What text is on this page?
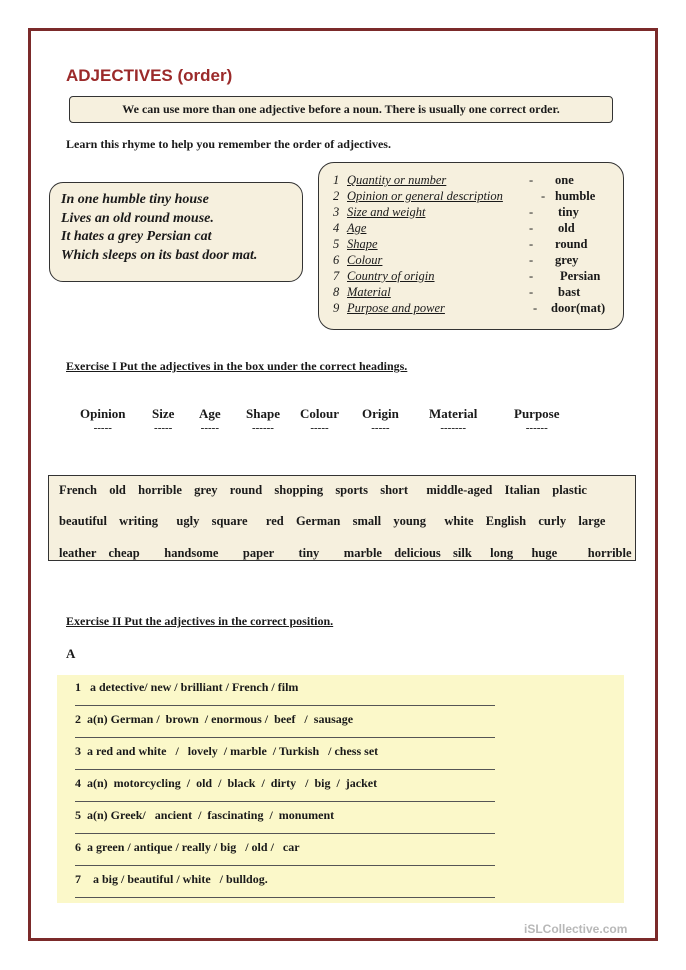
ADJECTIVES (order)
We can use more than one adjective before a noun. There is usually one correct order.
Learn this rhyme to help you remember the order of adjectives.
In one humble tiny house
Lives an old round mouse.
It hates a grey Persian cat
Which sleeps on its bast door mat.
1 Quantity or number	- one
2 Opinion or general description	- humble
3 Size and weight	- tiny
4 Age	- old
5 Shape	- round
6 Colour	- grey
7 Country of origin	- Persian
8 Material	- bast
9 Purpose and power	- door(mat)
Exercise I Put the adjectives in the box under the correct headings.
Opinion
-----
Size
-----
Age
-----
Shape
------
Colour
-----
Origin
-----
Material
-------
Purpose
------
French  old  horrible  grey  round  shopping  sports  short   middle-aged  Italian  plastic
beautiful  writing   ugly  square   red  German  small  young   white  English  curly  large
leather  cheap    handsome    paper    tiny    marble  delicious  silk   long   huge     horrible
Exercise II Put the adjectives in the correct position.
A
1   a detective/ new / brilliant / French / film
2  a(n) German /  brown  / enormous /  beef   /  sausage
3  a red and white   /   lovely  / marble  / Turkish   / chess set
4  a(n)  motorcycling  /  old  /  black  /  dirty   /  big  /  jacket
5  a(n) Greek/   ancient  /  fascinating  /  monument
6  a green / antique / really / big   / old /   car
7    a big / beautiful / white   / bulldog.
iSLCollective.com
